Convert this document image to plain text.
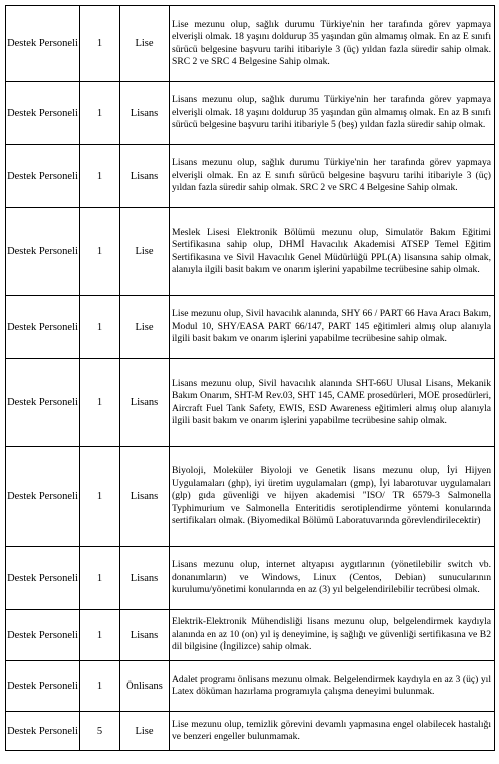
Destek Personeli	1	Lise	Lise mezunu olup, sağlık durumu Türkiye'nin her tarafında görev yapmaya elverişli olmak. 18 yaşını doldurup 35 yaşından gün almamış olmak. En az E sınıfı sürücü belgesine başvuru tarihi itibariyle 3 (üç) yıldan fazla süredir sahip olmak. SRC 2 ve SRC 4 Belgesine Sahip olmak.
Destek Personeli	1	Lisans	Lisans mezunu olup, sağlık durumu Türkiye'nin her tarafında görev yapmaya elverişli olmak. 18 yaşını doldurup 35 yaşından gün almamış olmak. En az B sınıfı sürücü belgesine başvuru tarihi itibariyle 5 (beş) yıldan fazla süredir sahip olmak.
Destek Personeli	1	Lisans	Lisans mezunu olup, sağlık durumu Türkiye'nin her tarafında görev yapmaya elverişli olmak. En az E sınıfı sürücü belgesine başvuru tarihi itibariyle 3 (üç) yıldan fazla süredir sahip olmak. SRC 2 ve SRC 4 Belgesine Sahip olmak.
Destek Personeli	1	Lise	Meslek Lisesi Elektronik Bölümü mezunu olup, Simulatör Bakım Eğitimi Sertifikasına sahip olup, DHMİ Havacılık Akademisi ATSEP Temel Eğitim Sertifikasına ve Sivil Havacılık Genel Müdürlüğü PPL(A) lisansına sahip olmak, alanıyla ilgili basit bakım ve onarım işlerini yapabilme tecrübesine sahip olmak.
Destek Personeli	1	Lise	Lise mezunu olup, Sivil havacılık alanında, SHY 66 / PART 66 Hava Aracı Bakım, Modul 10, SHY/EASA PART 66/147, PART 145 eğitimleri almış olup alanıyla ilgili basit bakım ve onarım işlerini yapabilme tecrübesine sahip olmak.
Destek Personeli	1	Lisans	Lisans mezunu olup, Sivil havacılık alanında SHT-66U Ulusal Lisans, Mekanik Bakım Onarım, SHT-M Rev.03, SHT 145, CAME prosedürleri, MOE prosedürleri, Aircraft Fuel Tank Safety, EWIS, ESD Awareness eğitimleri almış olup alanıyla ilgili basit bakım ve onarım işlerini yapabilme tecrübesine sahip olmak.
Destek Personeli	1	Lisans	Biyoloji, Moleküler Biyoloji ve Genetik lisans mezunu olup, İyi Hijyen Uygulamaları (ghp), iyi üretim uygulamaları (gmp), İyi labarotuvar uygulamaları (glp) gıda güvenliği ve hijyen akademisi "ISO/ TR 6579-3 Salmonella Typhimurium ve Salmonella Enteritidis serotiplendirme yöntemi konularında sertifikaları olmak. (Biyomedikal Bölümü Laboratuvarında görevlendirilecektir)
Destek Personeli	1	Lisans	Lisans mezunu olup, internet altyapısı aygıtlarının (yönetilebilir switch vb. donanımların) ve Windows, Linux (Centos, Debian) sunucularının kurulumu/yönetimi konularında en az (3) yıl belgelendirilebilir tecrübesi olmak.
Destek Personeli	1	Lisans	Elektrik-Elektronik Mühendisliği lisans mezunu olup, belgelendirmek kaydıyla alanında en az 10 (on) yıl iş deneyimine, iş sağlığı ve güvenliği sertifikasına ve B2 dil bilgisine (İngilizce) sahip olmak.
Destek Personeli	1	Önlisans	Adalet programı önlisans mezunu olmak. Belgelendirmek kaydıyla en az 3 (üç) yıl Latex döküman hazırlama programıyla çalışma deneyimi bulunmak.
Destek Personeli	5	Lise	Lise mezunu olup, temizlik görevini devamlı yapmasına engel olabilecek hastalığı ve benzeri engeller bulunmamak.
